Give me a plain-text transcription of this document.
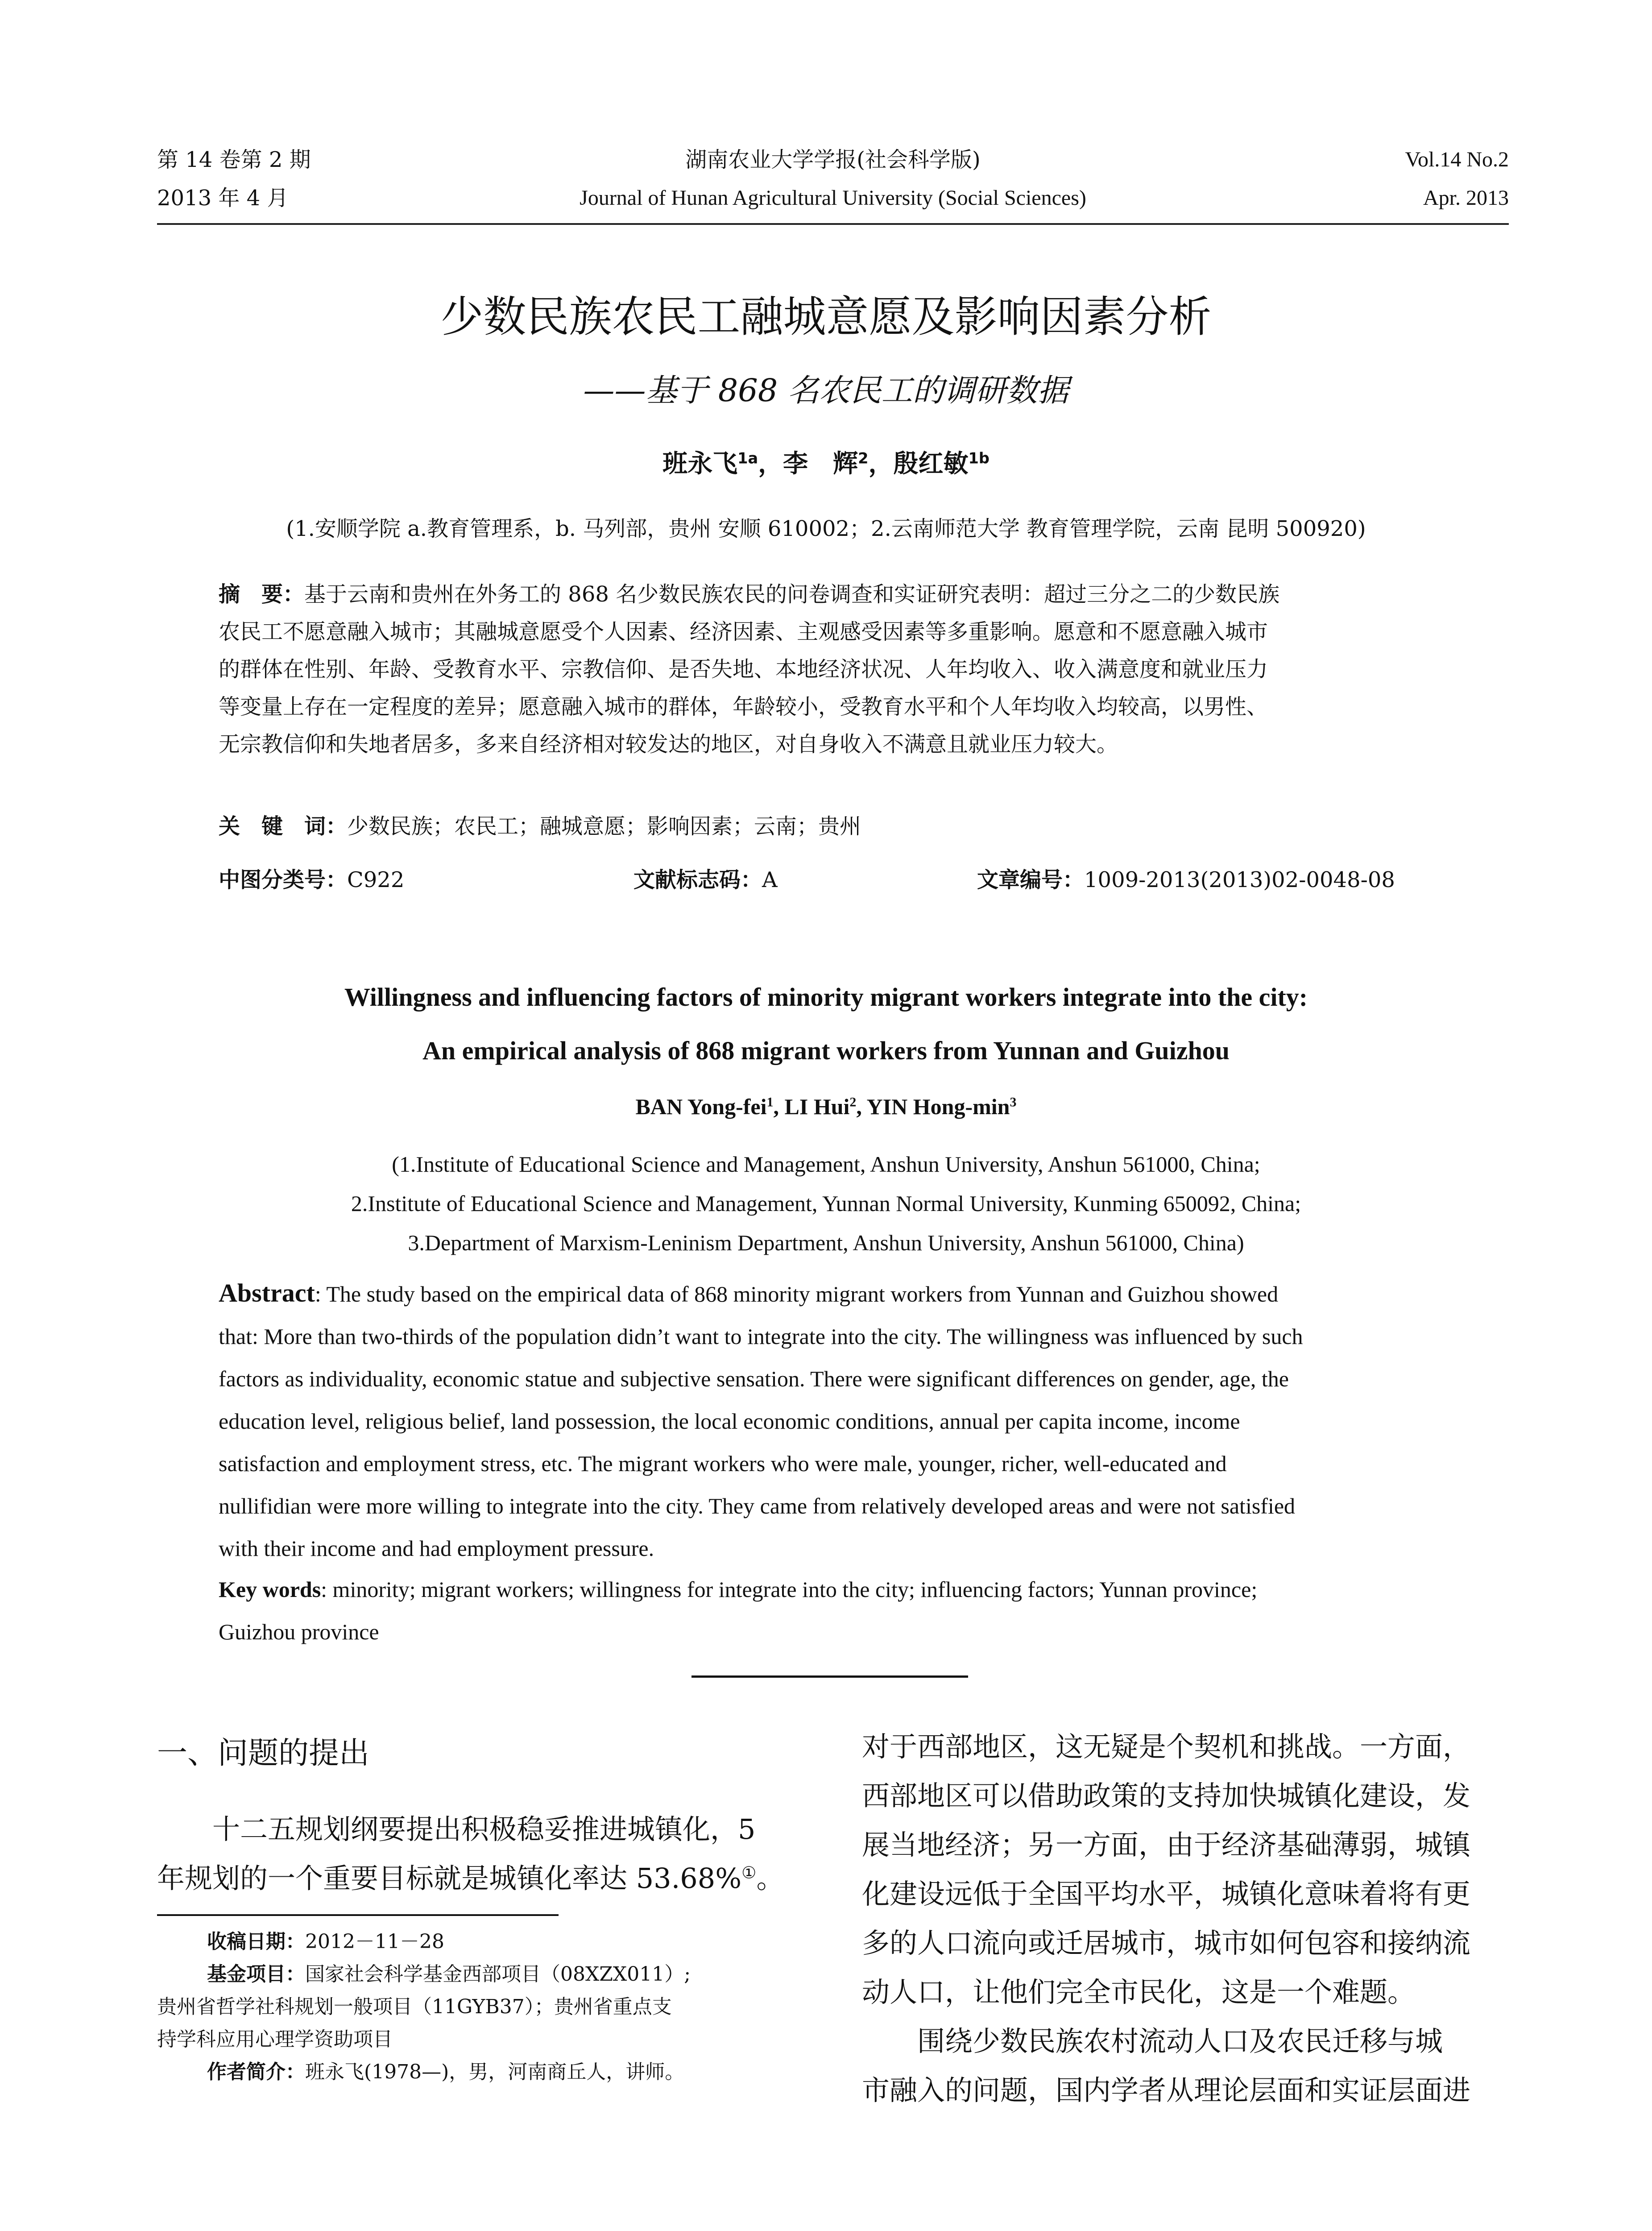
第 14 卷第 2 期
2013 年 4 月
湖南农业大学学报(社会科学版)
Journal of Hunan Agricultural University (Social Sciences)
Vol.14 No.2
Apr. 2013
少数民族农民工融城意愿及影响因素分析
——基于 868 名农民工的调研数据
班永飞$^{1a}$，李　辉$^2$，殷红敏$^{1b}$
(1.安顺学院 a.教育管理系，b. 马列部，贵州 安顺 610002；2.云南师范大学 教育管理学院，云南 昆明 500920)
摘　要：基于云南和贵州在外务工的 868 名少数民族农民的问卷调查和实证研究表明：超过三分之二的少数民族
农民工不愿意融入城市；其融城意愿受个人因素、经济因素、主观感受因素等多重影响。愿意和不愿意融入城市
的群体在性别、年龄、受教育水平、宗教信仰、是否失地、本地经济状况、人年均收入、收入满意度和就业压力
等变量上存在一定程度的差异；愿意融入城市的群体，年龄较小，受教育水平和个人年均收入均较高，以男性、
无宗教信仰和失地者居多，多来自经济相对较发达的地区，对自身收入不满意且就业压力较大。
关　键　词：少数民族；农民工；融城意愿；影响因素；云南；贵州
中图分类号：C922	文献标志码：A	文章编号：1009-2013(2013)02-0048-08
Willingness and influencing factors of minority migrant workers integrate into the city:
An empirical analysis of 868 migrant workers from Yunnan and Guizhou
BAN Yong-fei$^1$, LI Hui$^2$, YIN Hong-$\min^3$
(1.Institute of Educational Science and Management, Anshun University, Anshun 561000, China;
2.Institute of Educational Science and Management, Yunnan Normal University, Kunming 650092, China;
3.Department of Marxism-Leninism Department, Anshun University, Anshun 561000, China)
Abstract: The study based on the empirical data of 868 minority migrant workers from Yunnan and Guizhou showed
that: More than two-thirds of the population didn’t want to integrate into the city. The willingness was influenced by such
factors as individuality, economic statue and subjective sensation. There were significant differences on gender, age, the
education level, religious belief, land possession, the local economic conditions, annual per capita income, income
satisfaction and employment stress, etc. The migrant workers who were male, younger, richer, well-educated and
nullifidian were more willing to integrate into the city. They came from relatively developed areas and were not satisfied
with their income and had employment pressure.
Key words: minority; migrant workers; willingness for integrate into the city; influencing factors; Yunnan province;
Guizhou province
一、问题的提出
十二五规划纲要提出积极稳妥推进城镇化，5
年规划的一个重要目标就是城镇化率达 53.68%①。
收稿日期：2012－11－28
基金项目：国家社会科学基金西部项目（08XZX011）;
贵州省哲学社科规划一般项目（11GYB37）；贵州省重点支
持学科应用心理学资助项目
作者简介：班永飞(1978—)，男，河南商丘人，讲师。
对于西部地区，这无疑是个契机和挑战。一方面，
西部地区可以借助政策的支持加快城镇化建设，发
展当地经济；另一方面，由于经济基础薄弱，城镇
化建设远低于全国平均水平，城镇化意味着将有更
多的人口流向或迁居城市，城市如何包容和接纳流
动人口，让他们完全市民化，这是一个难题。
围绕少数民族农村流动人口及农民迁移与城
市融入的问题，国内学者从理论层面和实证层面进
